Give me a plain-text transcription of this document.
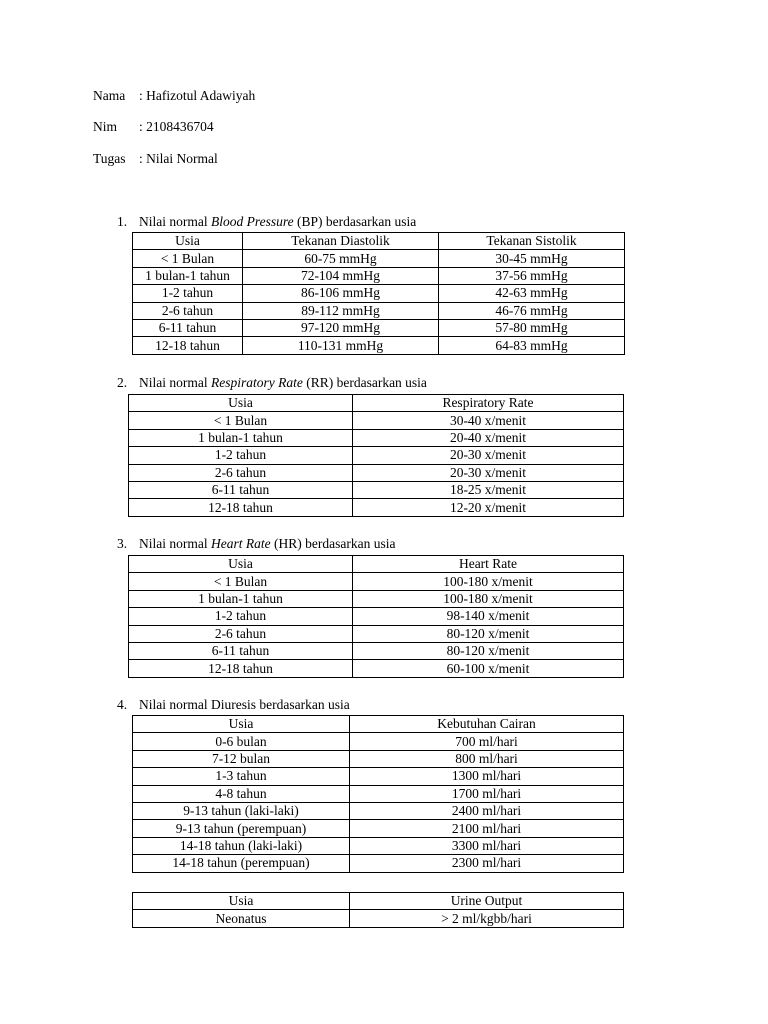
Nama : Hafizotul Adawiyah
Nim : 2108436704
Tugas : Nilai Normal
1. Nilai normal Blood Pressure (BP) berdasarkan usia
Usia	Tekanan Diastolik	Tekanan Sistolik
< 1 Bulan	60-75 mmHg	30-45 mmHg
1 bulan-1 tahun	72-104 mmHg	37-56 mmHg
1-2 tahun	86-106 mmHg	42-63 mmHg
2-6 tahun	89-112 mmHg	46-76 mmHg
6-11 tahun	97-120 mmHg	57-80 mmHg
12-18 tahun	110-131 mmHg	64-83 mmHg
2. Nilai normal Respiratory Rate (RR) berdasarkan usia
Usia	Respiratory Rate
< 1 Bulan	30-40 x/menit
1 bulan-1 tahun	20-40 x/menit
1-2 tahun	20-30 x/menit
2-6 tahun	20-30 x/menit
6-11 tahun	18-25 x/menit
12-18 tahun	12-20 x/menit
3. Nilai normal Heart Rate (HR) berdasarkan usia
Usia	Heart Rate
< 1 Bulan	100-180 x/menit
1 bulan-1 tahun	100-180 x/menit
1-2 tahun	98-140 x/menit
2-6 tahun	80-120 x/menit
6-11 tahun	80-120 x/menit
12-18 tahun	60-100 x/menit
4. Nilai normal Diuresis berdasarkan usia
Usia	Kebutuhan Cairan
0-6 bulan	700 ml/hari
7-12 bulan	800 ml/hari
1-3 tahun	1300 ml/hari
4-8 tahun	1700 ml/hari
9-13 tahun (laki-laki)	2400 ml/hari
9-13 tahun (perempuan)	2100 ml/hari
14-18 tahun (laki-laki)	3300 ml/hari
14-18 tahun (perempuan)	2300 ml/hari
Usia	Urine Output
Neonatus	> 2 ml/kgbb/hari
